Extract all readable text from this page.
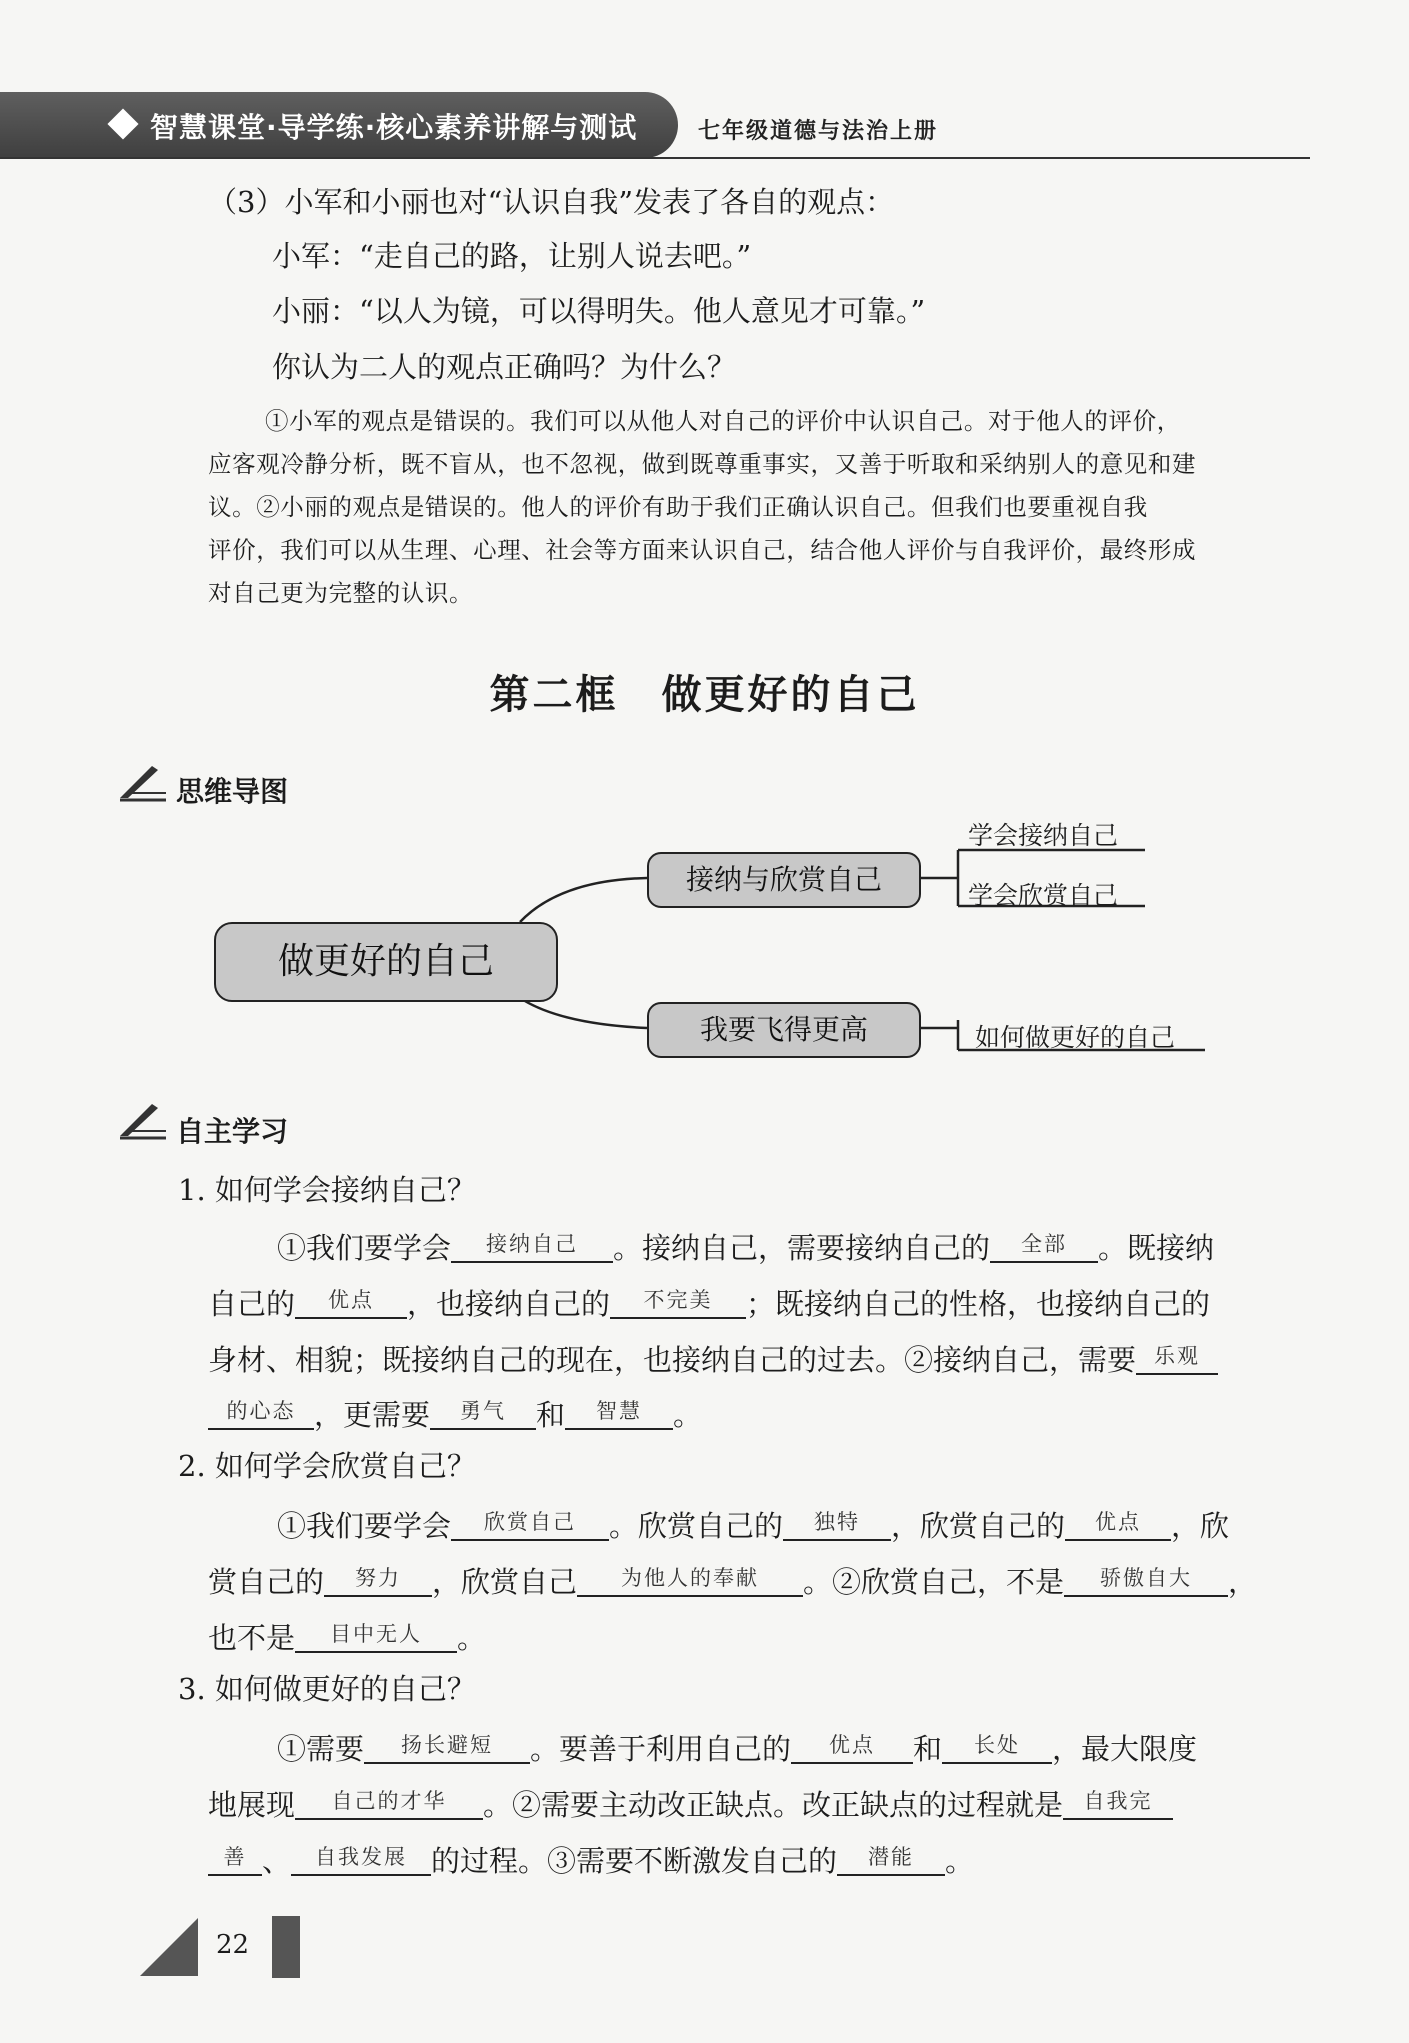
智慧课堂·导学练·核心素养讲解与测试	七年级道德与法治上册
（3）小军和小丽也对“认识自我”发表了各自的观点：
小军：“走自己的路，让别人说去吧。”
小丽：“以人为镜，可以得明失。他人意见才可靠。”
你认为二人的观点正确吗？为什么？
①小军的观点是错误的。我们可以从他人对自己的评价中认识自己。对于他人的评价，
应客观冷静分析，既不盲从，也不忽视，做到既尊重事实，又善于听取和采纳别人的意见和建
议。②小丽的观点是错误的。他人的评价有助于我们正确认识自己。但我们也要重视自我
评价，我们可以从生理、心理、社会等方面来认识自己，结合他人评价与自我评价，最终形成
对自己更为完整的认识。
第二框　做更好的自己
思维导图
做更好的自己
接纳与欣赏自己
我要飞得更高
学会接纳自己
学会欣赏自己
如何做更好的自己
自主学习
1. 如何学会接纳自己？
①我们要学会 接纳自己 。接纳自己，需要接纳自己的 全部 。既接纳
自己的 优点 ，也接纳自己的 不完美 ；既接纳自己的性格，也接纳自己的
身材、相貌；既接纳自己的现在，也接纳自己的过去。②接纳自己，需要 乐观
的心态 ，更需要 勇气 和 智慧 。
2. 如何学会欣赏自己？
①我们要学会 欣赏自己 。欣赏自己的 独特 ，欣赏自己的 优点 ，欣
赏自己的 努力 ，欣赏自己 为他人的奉献 。②欣赏自己，不是 骄傲自大 ，
也不是 目中无人 。
3. 如何做更好的自己？
①需要 扬长避短 。要善于利用自己的 优点 和 长处 ，最大限度
地展现 自己的才华 。②需要主动改正缺点。改正缺点的过程就是 自我完
善 、 自我发展 的过程。③需要不断激发自己的 潜能 。
22
